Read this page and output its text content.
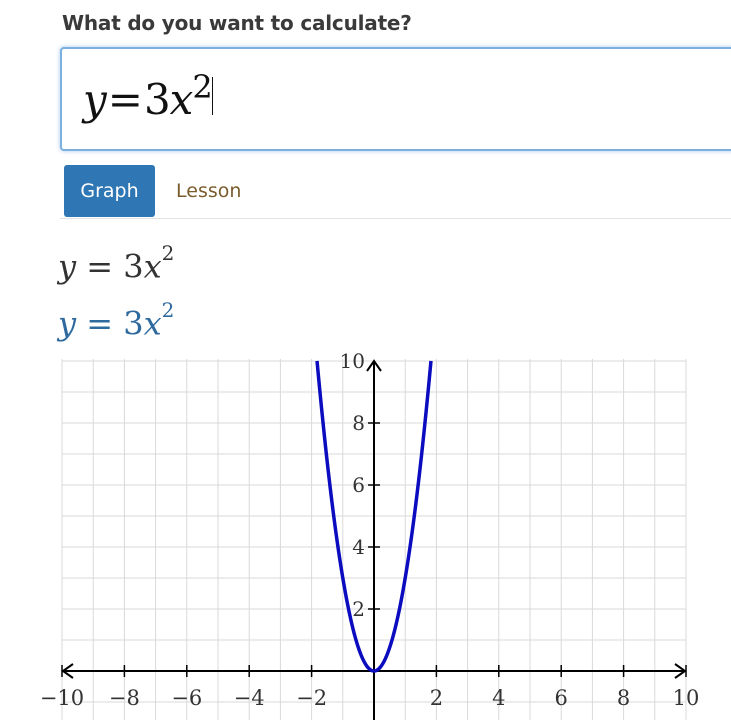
What do you want to calculate?
$y=3x^2$
Graph	Lesson
$y = 3x^2$
$y = 3x^2$
−10 −8 −6 −4 −2	2 4 6 8 10
2
4
6
8
10
